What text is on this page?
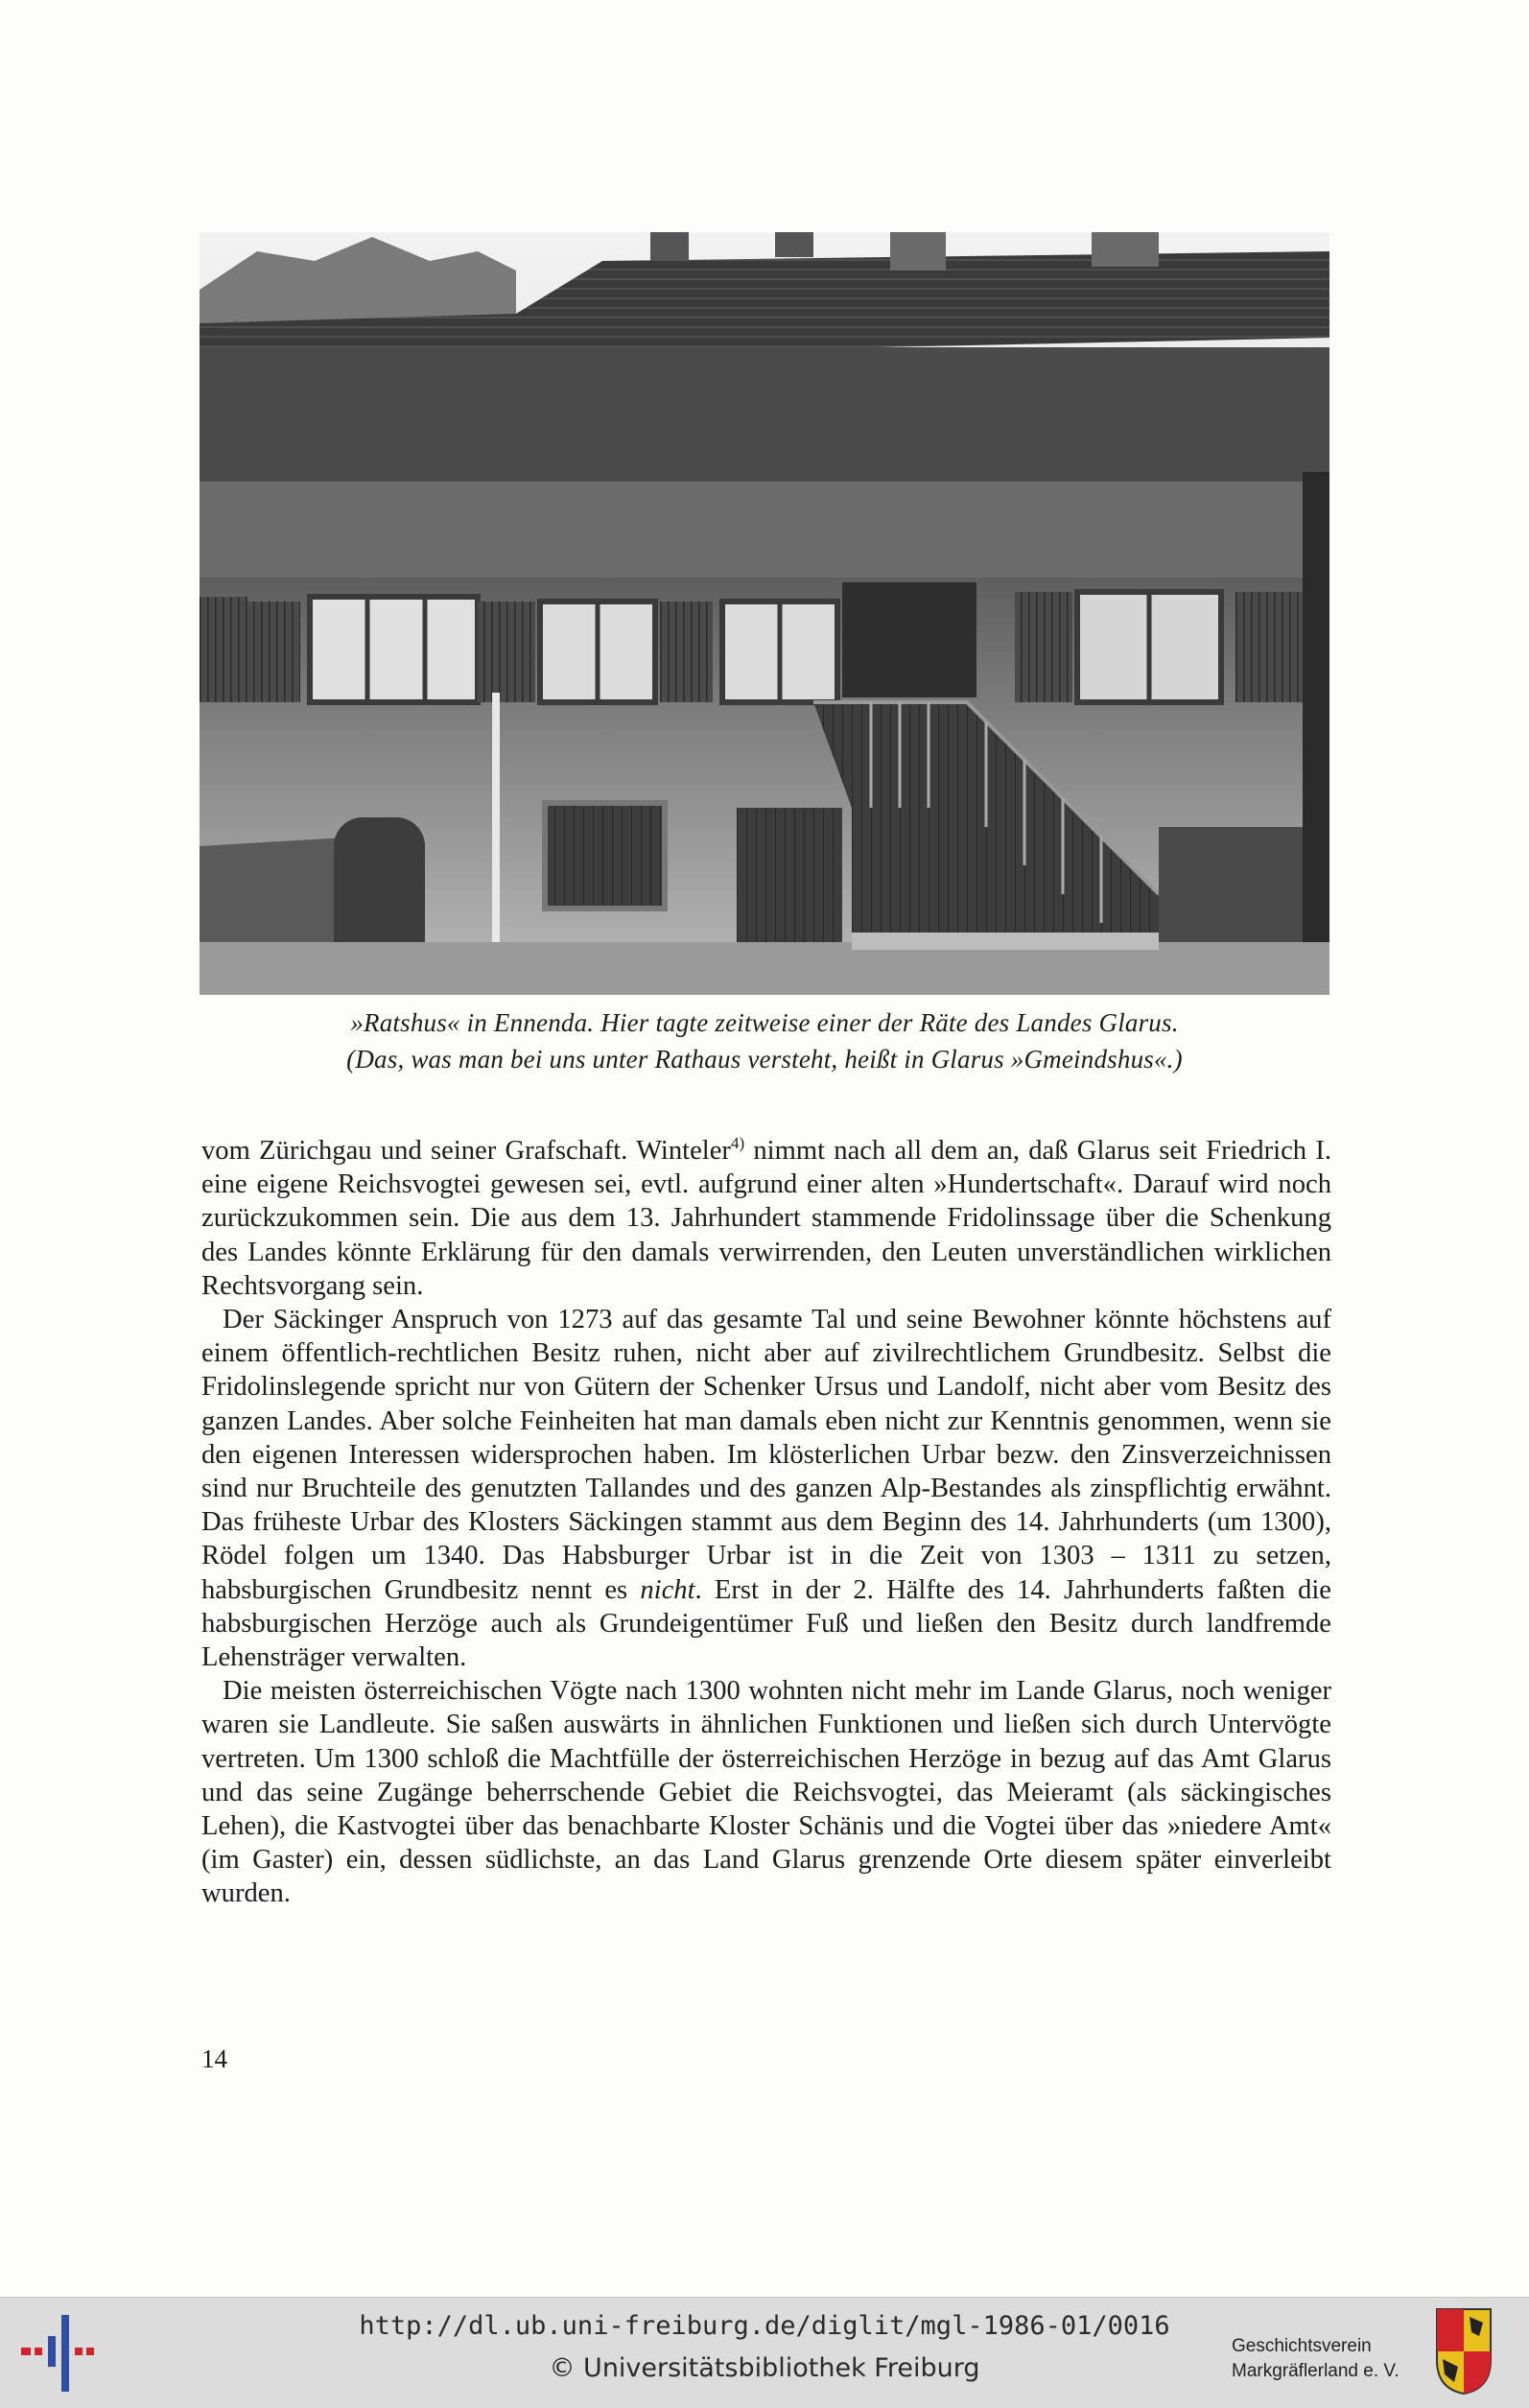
»Ratshus« in Ennenda. Hier tagte zeitweise einer der Räte des Landes Glarus.
(Das, was man bei uns unter Rathaus versteht, heißt in Glarus »Gmeindshus«.)

vom Zürichgau und seiner Grafschaft. Winteler$^{4)}$ nimmt nach all dem an, daß Glarus seit Friedrich I. eine eigene Reichsvogtei gewesen sei, evtl. aufgrund einer alten »Hundertschaft«. Darauf wird noch zurückzukommen sein. Die aus dem 13. Jahrhundert stammende Fridolinssage über die Schenkung des Landes könnte Erklärung für den damals verwirrenden, den Leuten unverständlichen wirklichen Rechtsvorgang sein.

Der Säckinger Anspruch von 1273 auf das gesamte Tal und seine Bewohner könnte höchstens auf einem öffentlich-rechtlichen Besitz ruhen, nicht aber auf zivilrechtlichem Grundbesitz. Selbst die Fridolinslegende spricht nur von Gütern der Schenker Ursus und Landolf, nicht aber vom Besitz des ganzen Landes. Aber solche Feinheiten hat man damals eben nicht zur Kenntnis genommen, wenn sie den eigenen Interessen widersprochen haben. Im klösterlichen Urbar bezw. den Zinsverzeichnissen sind nur Bruchteile des genutzten Tallandes und des ganzen Alp-Bestandes als zinspflichtig erwähnt. Das früheste Urbar des Klosters Säckingen stammt aus dem Beginn des 14. Jahrhunderts (um 1300), Rödel folgen um 1340. Das Habsburger Urbar ist in die Zeit von 1303 – 1311 zu setzen, habsburgischen Grundbesitz nennt es nicht. Erst in der 2. Hälfte des 14. Jahrhunderts faßten die habsburgischen Herzöge auch als Grundeigentümer Fuß und ließen den Besitz durch landfremde Lehensträger verwalten.

Die meisten österreichischen Vögte nach 1300 wohnten nicht mehr im Lande Glarus, noch weniger waren sie Landleute. Sie saßen auswärts in ähnlichen Funktionen und ließen sich durch Untervögte vertreten. Um 1300 schloß die Machtfülle der österreichischen Herzöge in bezug auf das Amt Glarus und das seine Zugänge beherrschende Gebiet die Reichsvogtei, das Meieramt (als säckingisches Lehen), die Kastvogtei über das benachbarte Kloster Schänis und die Vogtei über das »niedere Amt« (im Gaster) ein, dessen südlichste, an das Land Glarus grenzende Orte diesem später einverleibt wurden.

14
http://dl.ub.uni-freiburg.de/diglit/mgl-1986-01/0016
© Universitätsbibliothek Freiburg
Geschichtsverein
Markgräflerland e. V.
